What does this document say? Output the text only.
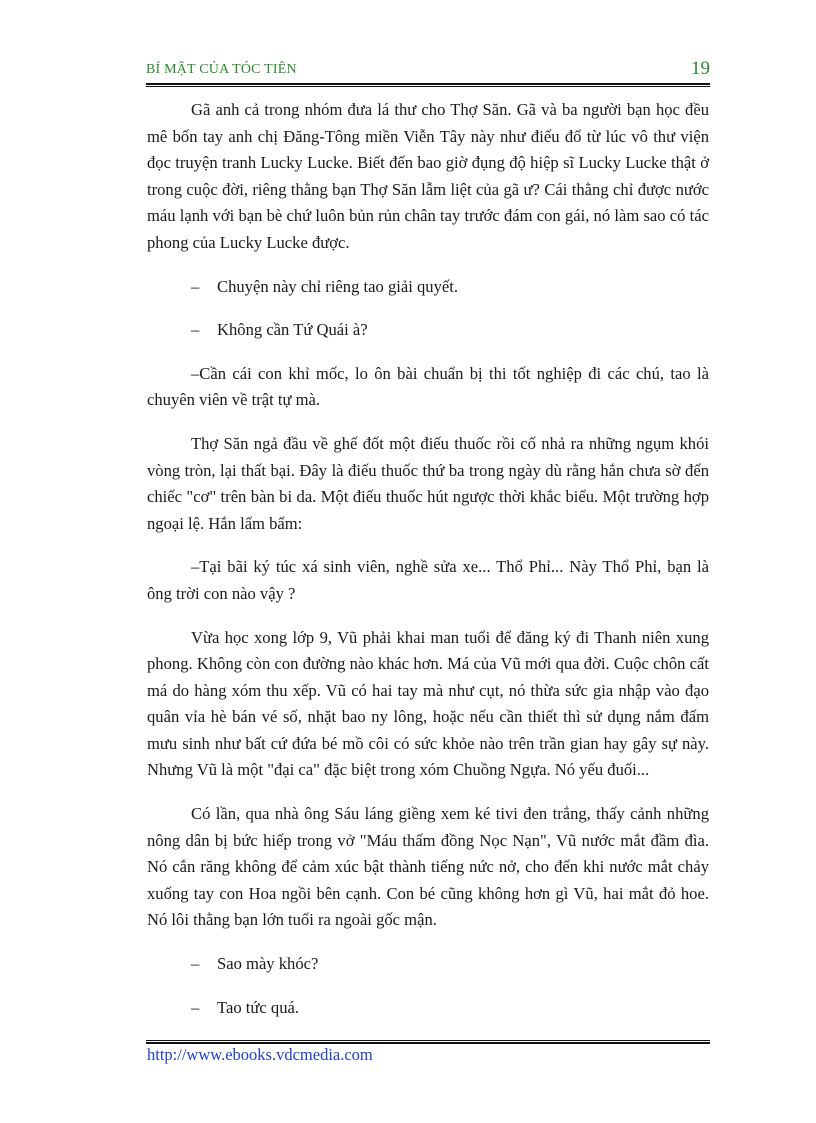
BÍ MẬT CỦA TÓC TIÊN	19

Gã anh cả trong nhóm đưa lá thư cho Thợ Săn. Gã và ba người bạn học đều mê bốn tay anh chị Đăng-Tông miền Viễn Tây này như điếu đổ từ lúc vô thư viện đọc truyện tranh Lucky Lucke. Biết đến bao giờ đụng độ hiệp sĩ Lucky Lucke thật ở trong cuộc đời, riêng thằng bạn Thợ Săn lẫm liệt của gã ư? Cái thằng chỉ được nước máu lạnh với bạn bè chứ luôn bủn rủn chân tay trước đám con gái, nó làm sao có tác phong của Lucky Lucke được.

– Chuyện này chỉ riêng tao giải quyết.

– Không cần Tứ Quái à?

–Cần cái con khỉ mốc, lo ôn bài chuẩn bị thi tốt nghiệp đi các chú, tao là chuyên viên về trật tự mà.

Thợ Săn ngả đầu về ghế đốt một điếu thuốc rồi cố nhả ra những ngụm khói vòng tròn, lại thất bại. Đây là điếu thuốc thứ ba trong ngày dù rằng hắn chưa sờ đến chiếc "cơ" trên bàn bi da. Một điếu thuốc hút ngược thời khắc biểu. Một trường hợp ngoại lệ. Hắn lẩm bẩm:

–Tại bãi ký túc xá sinh viên, nghề sửa xe... Thổ Phỉ... Này Thổ Phỉ, bạn là ông trời con nào vậy ?

Vừa học xong lớp 9, Vũ phải khai man tuổi để đăng ký đi Thanh niên xung phong. Không còn con đường nào khác hơn. Má của Vũ mới qua đời. Cuộc chôn cất má do hàng xóm thu xếp. Vũ có hai tay mà như cụt, nó thừa sức gia nhập vào đạo quân vỉa hè bán vé số, nhặt bao ny lông, hoặc nếu cần thiết thì sử dụng nắm đấm mưu sinh như bất cứ đứa bé mồ côi có sức khỏe nào trên trần gian hay gây sự này. Nhưng Vũ là một "đại ca" đặc biệt trong xóm Chuồng Ngựa. Nó yếu đuối...

Có lần, qua nhà ông Sáu láng giềng xem ké tivi đen trắng, thấy cảnh những nông dân bị bức hiếp trong vở "Máu thấm đồng Nọc Nạn", Vũ nước mắt đầm đìa. Nó cắn răng không để cảm xúc bật thành tiếng nức nở, cho đến khi nước mắt chảy xuống tay con Hoa ngồi bên cạnh. Con bé cũng không hơn gì Vũ, hai mắt đỏ hoe. Nó lôi thằng bạn lớn tuổi ra ngoài gốc mận.

– Sao mày khóc?

– Tao tức quá.

http://www.ebooks.vdcmedia.com
